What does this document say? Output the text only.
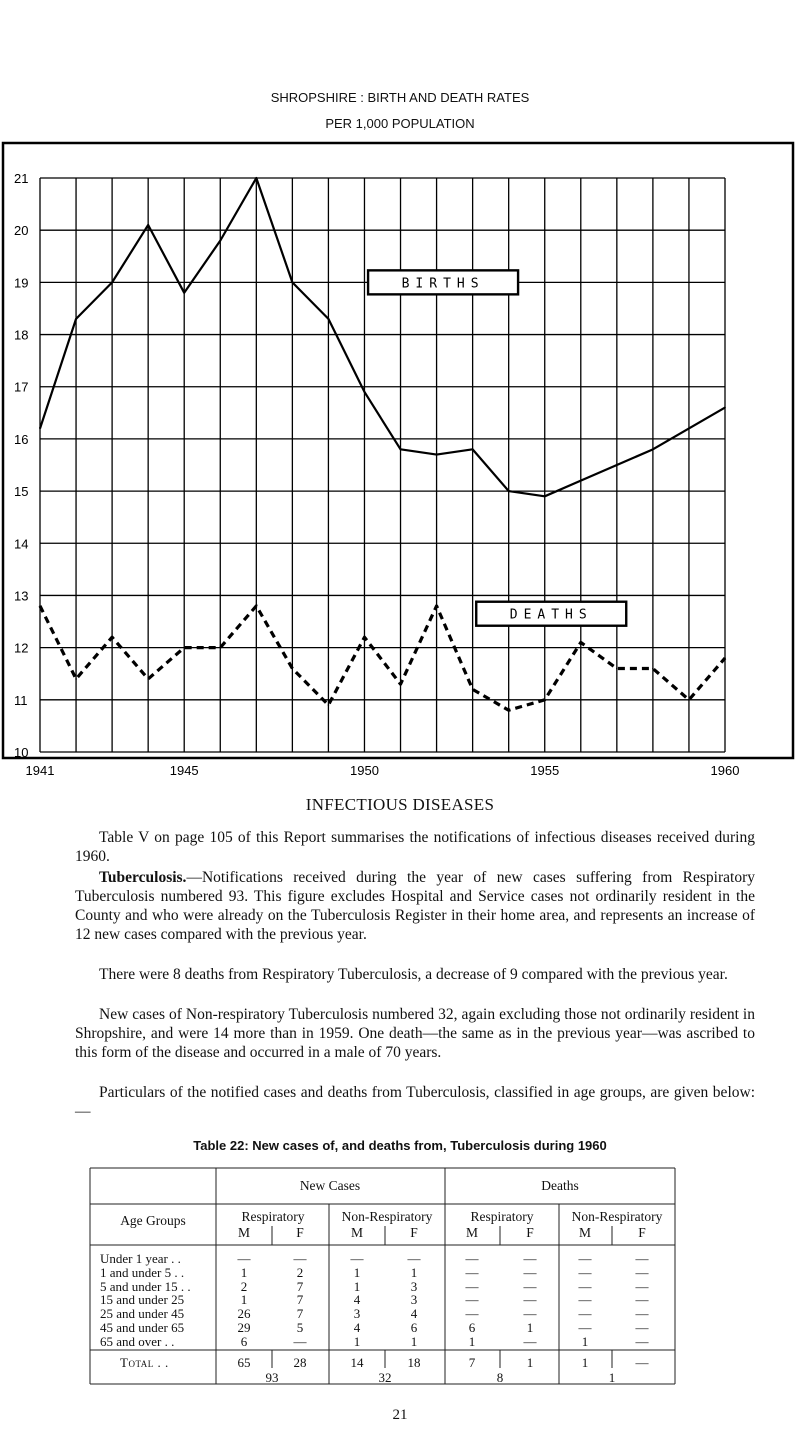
SHROPSHIRE : BIRTH AND DEATH RATES
PER 1,000 POPULATION
10
11
12
13
14
15
16
17
18
19
20
21
1941	1945	1950	1955	1960
BIRTHS
DEATHS
INFECTIOUS DISEASES

Table V on page 105 of this Report summarises the notifications of infectious diseases received during 1960.

Tuberculosis.—Notifications received during the year of new cases suffering from Respiratory Tuberculosis numbered 93. This figure excludes Hospital and Service cases not ordinarily resident in the County and who were already on the Tuberculosis Register in their home area, and represents an increase of 12 new cases compared with the previous year.

There were 8 deaths from Respiratory Tuberculosis, a decrease of 9 compared with the previous year.

New cases of Non-respiratory Tuberculosis numbered 32, again excluding those not ordinarily resident in Shropshire, and were 14 more than in 1959. One death—the same as in the previous year—was ascribed to this form of the disease and occurred in a male of 70 years.

Particulars of the notified cases and deaths from Tuberculosis, classified in age groups, are given below:—

Table 22: New cases of, and deaths from, Tuberculosis during 1960
New Cases	Deaths
Age Groups	Respiratory	Non-Respiratory	Respiratory	Non-Respiratory
M	F	M	F	M	F	M	F
Under 1 year . .	—	—	—	—	—	—	—	—
1 and under 5 . .	1	2	1	1	—	—	—	—
5 and under 15 . .	2	7	1	3	—	—	—	—
15 and under 25	1	7	4	3	—	—	—	—
25 and under 45	26	7	3	4	—	—	—	—
45 and under 65	29	5	4	6	6	1	—	—
65 and over . .	6	—	1	1	1	—	1	—
Total . .	65	28	14	18	7	1	1	—
93	32	8	1
21
